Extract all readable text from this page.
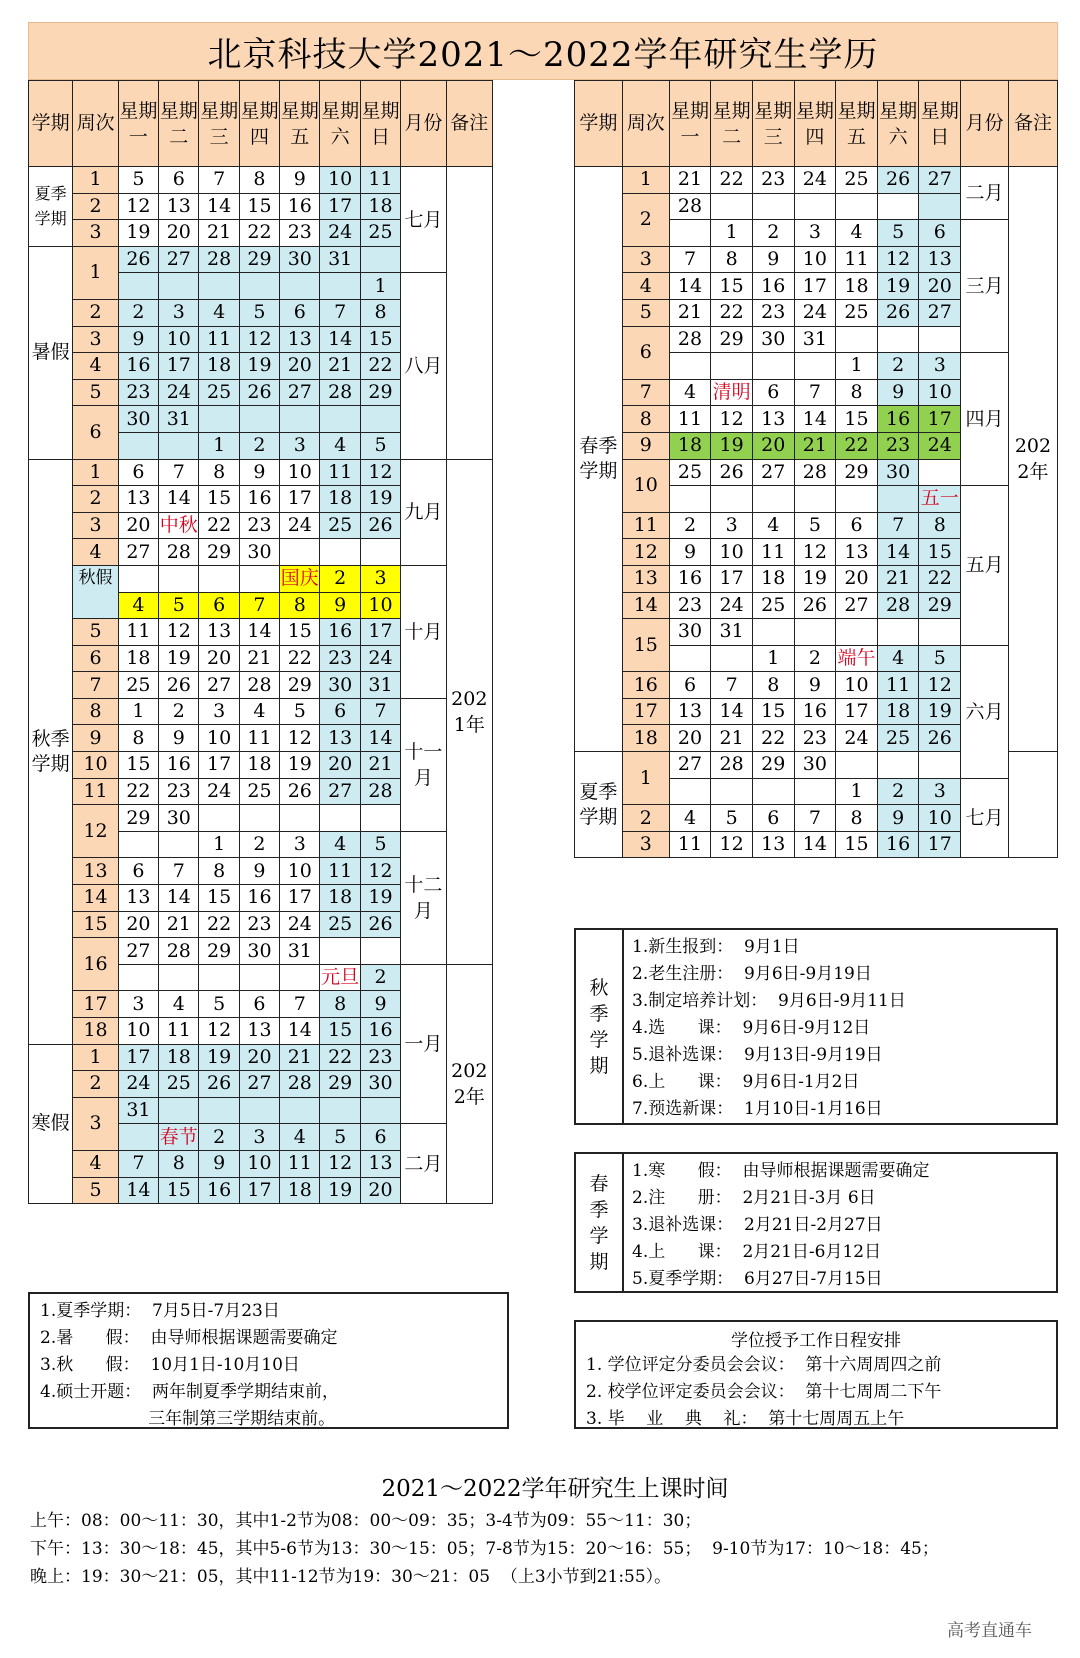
北京科技大学2021～2022学年研究生学历
学期	周次	星期一	星期二	星期三	星期四	星期五	星期六	星期日	月份	备注
夏季学期	1	5	6	7	8	9	10	11	七月	
	2	12	13	14	15	16	17	18		
	3	19	20	21	22	23	24	25		
暑假	1	26	27	28	29	30	31			
								1	八月	
	2	2	3	4	5	6	7	8		
	3	9	10	11	12	13	14	15		
	4	16	17	18	19	20	21	22		
	5	23	24	25	26	27	28	29		
	6	30	31							
				1	2	3	4	5		
秋季学期	1	6	7	8	9	10	11	12	九月	2021年
	2	13	14	15	16	17	18	19		
	3	20	中秋	22	23	24	25	26		
	4	27	28	29	30					
	秋假					国庆	2	3	十月	
		4	5	6	7	8	9	10		
	5	11	12	13	14	15	16	17		
	6	18	19	20	21	22	23	24		
	7	25	26	27	28	29	30	31		
	8	1	2	3	4	5	6	7	十一月	
	9	8	9	10	11	12	13	14		
	10	15	16	17	18	19	20	21		
	11	22	23	24	25	26	27	28		
	12	29	30							
				1	2	3	4	5	十二月	
	13	6	7	8	9	10	11	12		
	14	13	14	15	16	17	18	19		
	15	20	21	22	23	24	25	26		
	16	27	28	29	30	31				
							元旦	2	一月	2022年
	17	3	4	5	6	7	8	9		
	18	10	11	12	13	14	15	16		
寒假	1	17	18	19	20	21	22	23		
	2	24	25	26	27	28	29	30		
	3	31								
			春节	2	3	4	5	6	二月	
	4	7	8	9	10	11	12	13		
	5	14	15	16	17	18	19	20		
学期	周次	星期一	星期二	星期三	星期四	星期五	星期六	星期日	月份	备注
春季学期	1	21	22	23	24	25	26	27	二月	2022年
	2	28								
			1	2	3	4	5	6	三月	
	3	7	8	9	10	11	12	13		
	4	14	15	16	17	18	19	20		
	5	21	22	23	24	25	26	27		
	6	28	29	30	31					
						1	2	3	四月	
	7	4	清明	6	7	8	9	10		
	8	11	12	13	14	15	16	17		
	9	18	19	20	21	22	23	24		
	10	25	26	27	28	29	30			
								五一	五月	
	11	2	3	4	5	6	7	8		
	12	9	10	11	12	13	14	15		
	13	16	17	18	19	20	21	22		
	14	23	24	25	26	27	28	29		
	15	30	31							
				1	2	端午	4	5	六月	
	16	6	7	8	9	10	11	12		
	17	13	14	15	16	17	18	19		
	18	20	21	22	23	24	25	26		
夏季学期	1	27	28	29	30					
						1	2	3	七月	
	2	4	5	6	7	8	9	10		
	3	11	12	13	14	15	16	17		
1.夏季学期：  7月5日-7月23日
2.暑      假：  由导师根据课题需要确定
3.秋      假：  10月1日-10月10日
4.硕士开题：  两年制夏季学期结束前，
三年制第三学期结束前。
秋季学期
1.新生报到：  9月1日
2.老生注册：  9月6日-9月19日
3.制定培养计划：  9月6日-9月11日
4.选      课：  9月6日-9月12日
5.退补选课：  9月13日-9月19日
6.上      课：  9月6日-1月2日
7.预选新课：  1月10日-1月16日
春季学期
1.寒      假：  由导师根据课题需要确定
2.注      册：  2月21日-3月 6日
3.退补选课：  2月21日-2月27日
4.上      课：  2月21日-6月12日
5.夏季学期：  6月27日-7月15日
学位授予工作日程安排
1. 学位评定分委员会会议：  第十六周周四之前
2. 校学位评定委员会会议：  第十七周周二下午
3. 毕    业    典    礼：  第十七周周五上午
2021～2022学年研究生上课时间
上午：08：00～11：30，其中1-2节为08：00～09：35；3-4节为09：55～11：30；
下午：13：30～18：45，其中5-6节为13：30～15：05；7-8节为15：20～16：55；  9-10节为17：10～18：45；
晚上：19：30～21：05，其中11-12节为19：30～21：05  （上3小节到21:55）。
高考直通车
